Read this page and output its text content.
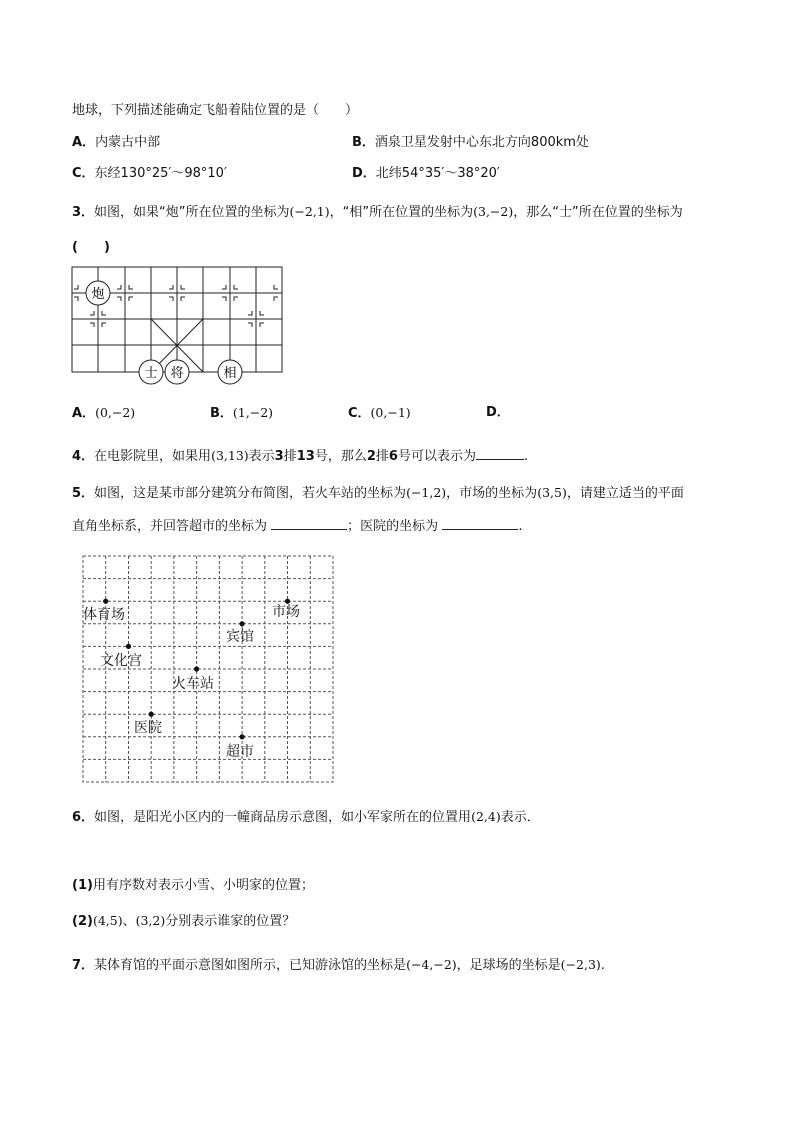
地球，下列描述能确定飞船着陆位置的是（　　）
A．内蒙古中部	B．酒泉卫星发射中心东北方向800km处
C．东经130°25′～98°10′	D．北纬54°35′～38°20′
3．如图，如果“炮”所在位置的坐标为(−2,1)，“相”所在位置的坐标为(3,−2)，那么“士”所在位置的坐标为
(　　)
炮
士 将	相
A．(0,−2)	B．(1,−2)	C．(0,−1)	D．
4．在电影院里，如果用(3,13)表示3排13号，那么2排6号可以表示为	.
5．如图，这是某市部分建筑分布简图，若火车站的坐标为(−1,2)，市场的坐标为(3,5)，请建立适当的平面
直角坐标系，并回答超市的坐标为	；医院的坐标为	.
体育场	市场
宾馆
文化宫
火车站
医院
超市
6．如图，是阳光小区内的一幢商品房示意图，如小军家所在的位置用(2,4)表示．
(1)用有序数对表示小雪、小明家的位置；
(2)(4,5)、(3,2)分别表示谁家的位置？
7．某体育馆的平面示意图如图所示，已知游泳馆的坐标是(−4,−2)，足球场的坐标是(−2,3).
